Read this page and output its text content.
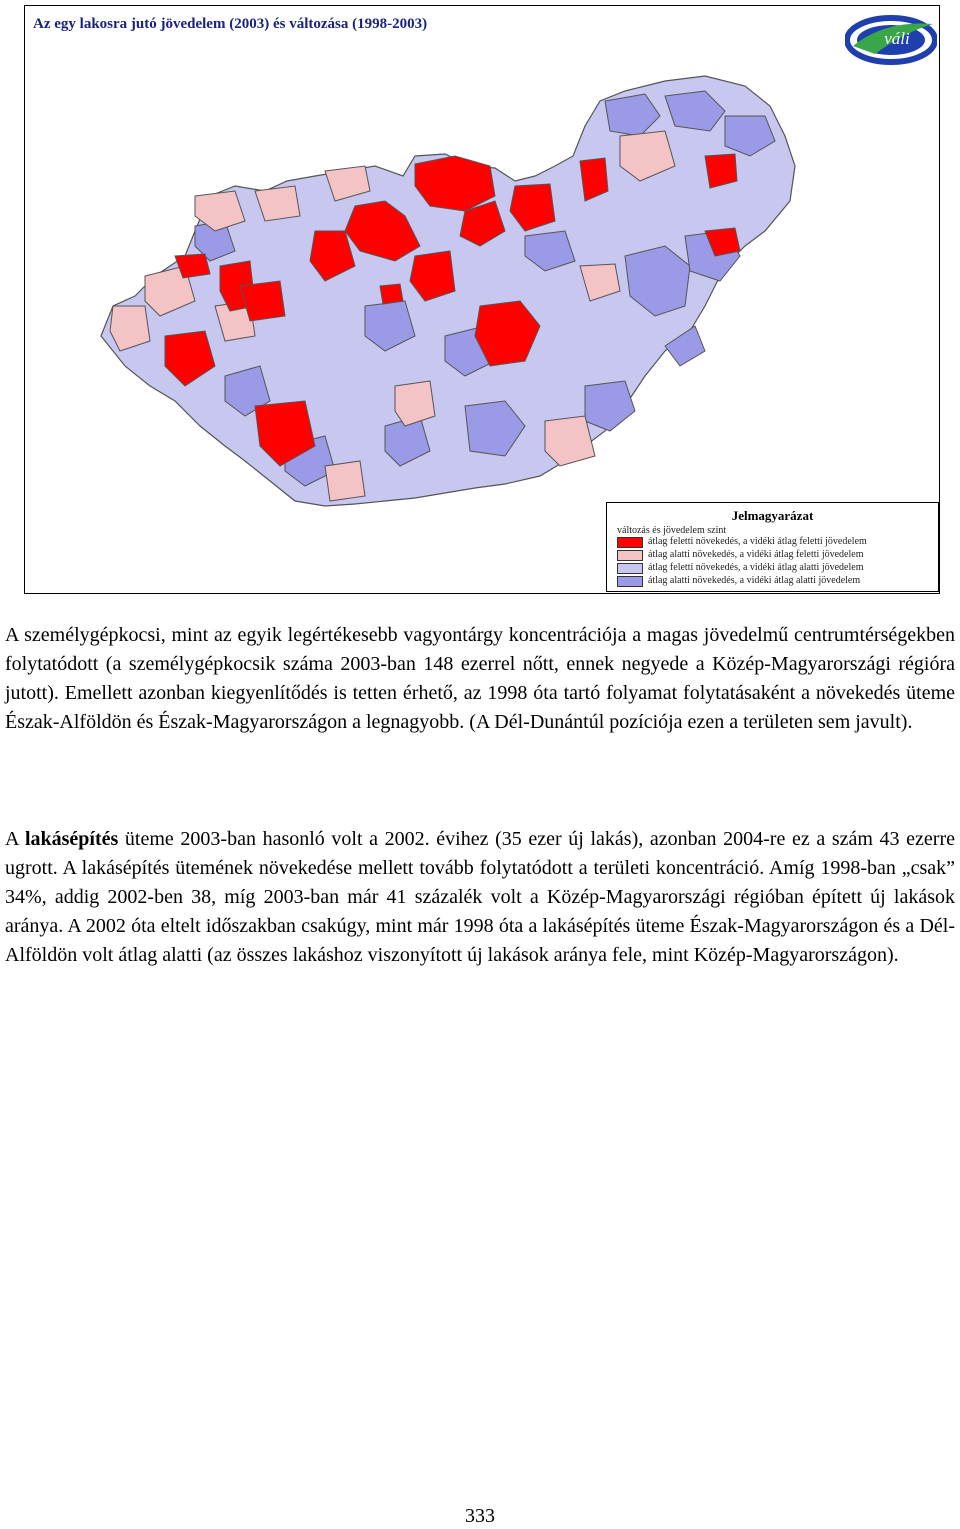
Az egy lakosra jutó jövedelem (2003) és változása (1998-2003)
váli
Jelmagyarázat
változás és jövedelem szint
átlag feletti növekedés, a vidéki átlag feletti jövedelem
átlag alatti növekedés, a vidéki átlag feletti jövedelem
átlag feletti növekedés, a vidéki átlag alatti jövedelem
átlag alatti növekedés, a vidéki átlag alatti jövedelem

A személygépkocsi, mint az egyik legértékesebb vagyontárgy koncentrációja a magas jövedelmű centrumtérségekben folytatódott (a személygépkocsik száma 2003-ban 148 ezerrel nőtt, ennek negyede a Közép-Magyarországi régióra jutott). Emellett azonban kiegyenlítődés is tetten érhető, az 1998 óta tartó folyamat folytatásaként a növekedés üteme Észak-Alföldön és Észak-Magyarországon a legnagyobb. (A Dél-Dunántúl pozíciója ezen a területen sem javult).

A lakásépítés üteme 2003-ban hasonló volt a 2002. évihez (35 ezer új lakás), azonban 2004-re ez a szám 43 ezerre ugrott. A lakásépítés ütemének növekedése mellett tovább folytatódott a területi koncentráció. Amíg 1998-ban „csak” 34%, addig 2002-ben 38, míg 2003-ban már 41 százalék volt a Közép-Magyarországi régióban épített új lakások aránya. A 2002 óta eltelt időszakban csakúgy, mint már 1998 óta a lakásépítés üteme Észak-Magyarországon és a Dél-Alföldön volt átlag alatti (az összes lakáshoz viszonyított új lakások aránya fele, mint Közép-Magyarországon).

333
